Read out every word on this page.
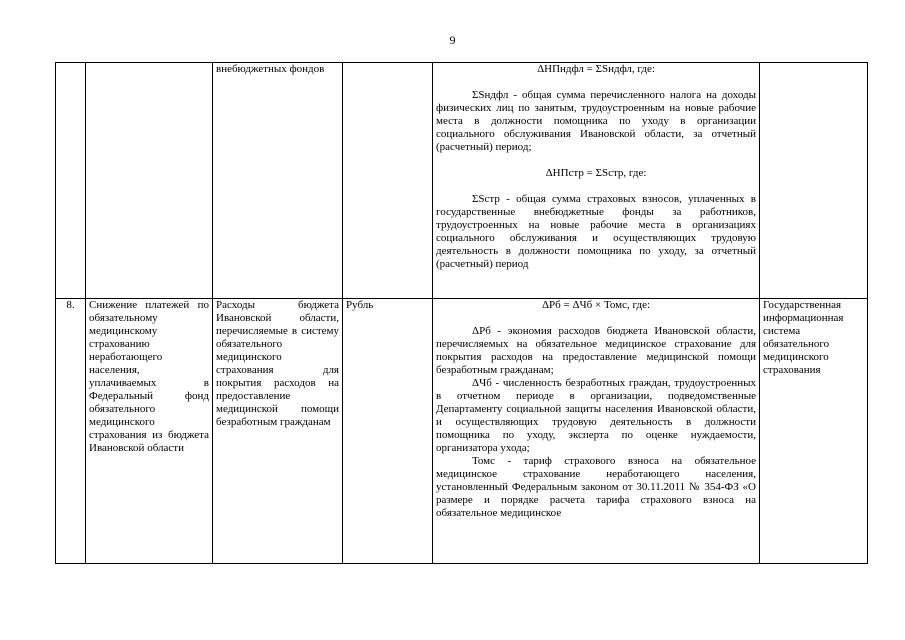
9

		внебюджетных фондов		ΔНПндфл = ΣSндфл, где:

ΣSндфл - общая сумма перечисленного налога на доходы физических лиц по занятым, трудоустроенным на новые рабочие места в должности помощника по уходу в организации социального обслуживания Ивановской области, за отчетный (расчетный) период;

ΔНПстр = ΣSстр, где:

ΣSстр - общая сумма страховых взносов, уплаченных в государственные внебюджетные фонды за работников, трудоустроенных на новые рабочие места в организациях социального обслуживания и осуществляющих трудовую деятельность в должности помощника по уходу, за отчетный (расчетный) период	

8.	Снижение платежей по обязательному медицинскому страхованию неработающего населения, уплачиваемых в Федеральный фонд обязательного медицинского страхования из бюджета Ивановской области	Расходы бюджета Ивановской области, перечисляемые в систему обязательного медицинского страхования для покрытия расходов на предоставление медицинской помощи безработным гражданам	Рубль	ΔРб = ΔЧб × Томс, где:

ΔРб - экономия расходов бюджета Ивановской области, перечисляемых на обязательное медицинское страхование для покрытия расходов на предоставление медицинской помощи безработным гражданам;

ΔЧб - численность безработных граждан, трудоустроенных в отчетном периоде в организации, подведомственные Департаменту социальной защиты населения Ивановской области, и осуществляющих трудовую деятельность в должности помощника по уходу, эксперта по оценке нуждаемости, организатора ухода;

Томс - тариф страхового взноса на обязательное медицинское страхование неработающего населения, установленный Федеральным законом от 30.11.2011 № 354-ФЗ «О размере и порядке расчета тарифа страхового взноса на обязательное медицинское	Государственная информационная система обязательного медицинского страхования
